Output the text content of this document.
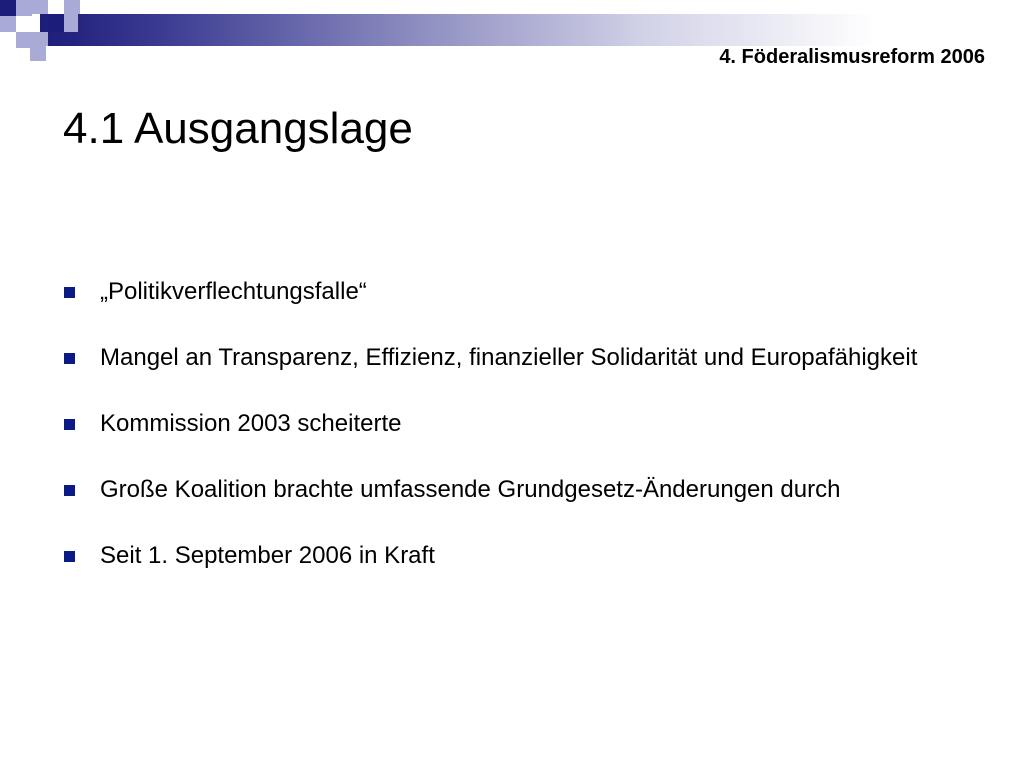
4. Föderalismusreform 2006
4.1 Ausgangslage
„Politikverflechtungsfalle“
Mangel an Transparenz, Effizienz, finanzieller Solidarität und Europafähigkeit
Kommission 2003 scheiterte
Große Koalition brachte umfassende Grundgesetz-Änderungen durch
Seit 1. September 2006 in Kraft
